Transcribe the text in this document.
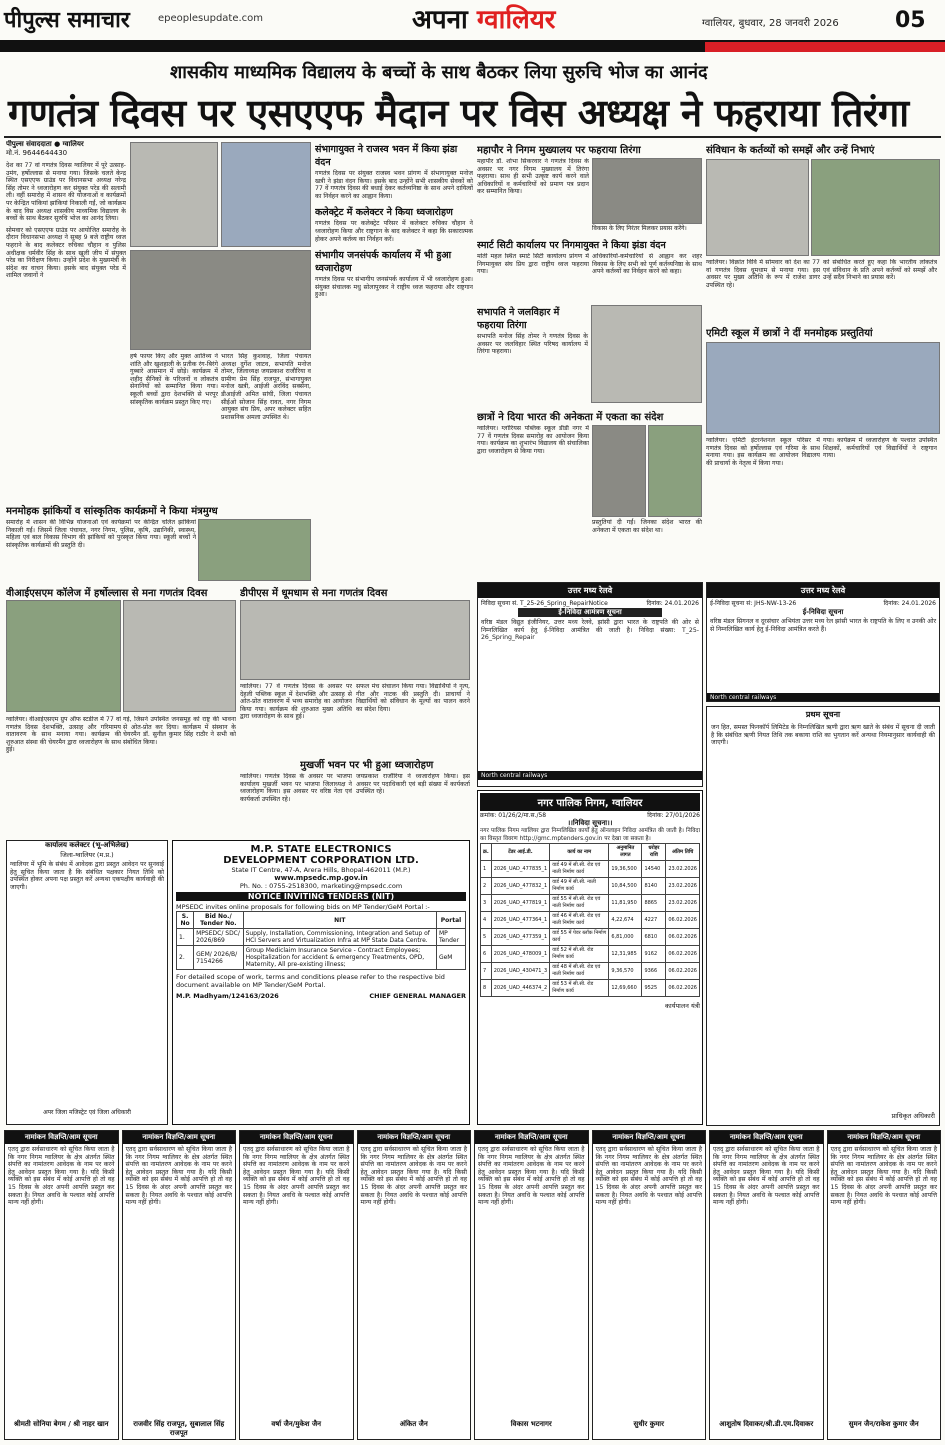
पीपुल्स समाचार	epeoplesupdate.com	अपना ग्वालियर	ग्वालियर, बुधवार, 28 जनवरी 2026	05
शासकीय माध्यमिक विद्यालय के बच्चों के साथ बैठकर लिया सुरुचि भोज का आनंद
गणतंत्र दिवस पर एसएएफ मैदान पर विस अध्यक्ष ने फहराया तिरंगा
पीपुल्स संवाददाता ● ग्वालियर
मो.नं. 9644644430
देश का 77 वां गणतंत्र दिवस ग्वालियर में पूरे उत्साह-उमंग, हर्षोल्लास से मनाया गया। जिसके चलते केन्द्र स्थित एसएएफ ग्राउंड पर विधानसभा अध्यक्ष नरेन्द्र सिंह तोमर ने ध्वजारोहण कर संयुक्त परेड की सलामी ली। वहीं समारोह में शासन की योजनाओं व कार्यक्रमों पर केन्द्रित पांकियां झांकियां निकाली गईं, जो कार्यक्रम के बाद विस अध्यक्ष शासकीय माध्यमिक विद्यालय के बच्चों के साथ बैठकर सुरुचि भोज का आनंद लिया।
सोमवार को एसएएफ ग्राउंड पर आयोजित समारोह के दौरान विधानसभा अध्यक्ष ने सुबह 9 बजे राष्ट्रीय ध्वज फहराने के बाद कलेक्टर रुचिका चौहान व पुलिस अधीक्षक धर्मवीर सिंह के साथ खुली जीप में संयुक्त परेड का निरीक्षण किया। उन्होंने प्रदेश के मुख्यमंत्री के संदेश का वाचन किया। इसके बाद संयुक्त परेड में शामिल जवानों ने
हर्ष फायर किए और मुक्त आतिथ्य ने शांति और खुशहाली के प्रतीक रंग-बिरंगे गुब्बारे आसमान में छोड़े। कार्यक्रम में शहीद सैनिकों के परिजनों व लोकतंत्र सेनानियों को सम्मानित किया गया। स्कूली बच्चों द्वारा देशभक्ति से भरपूर सांस्कृतिक कार्यक्रम प्रस्तुत किए गए।
भारत सिंह कुशवाह, जिला पंचायत अध्यक्ष दुर्गेश जाटव, सभापति मनोज तोमर, जिलाध्यक्ष जयप्रकाश राजौरिया व ग्रामीण प्रेम सिंह राजपूत, संभागायुक्त मनोज खत्री, आईजी अरविंद सक्सेना, डीआईजी अमित सांघी, जिला पंचायत सीईओ सोजान सिंह रावत, नगर निगम आयुक्त संघ प्रिय, अपर कलेक्टर सहित प्रशासनिक अमला उपस्थित थे।
मनमोहक झांकियों व सांस्कृतिक कार्यक्रमों ने किया मंत्रमुग्ध
समारोह में शासन की विभिन्न योजनाओं एवं कार्यक्रमों पर केन्द्रित चलित झांकियां निकाली गईं। जिसमें जिला पंचायत, नगर निगम, पुलिस, कृषि, उद्यानिकी, स्वास्थ्य, महिला एवं बाल विकास विभाग की झांकियों को पुरस्कृत किया गया। स्कूली बच्चों ने सांस्कृतिक कार्यक्रमों की प्रस्तुति दी।
वीआईएसएम कॉलेज में हर्षोल्लास से मना गणतंत्र दिवस
ग्वालियर। वीआईएसएम ग्रुप ऑफ स्टडीज में 77 वां गणतंत्र दिवस देशभक्ति, उत्साह और गरिमामय वातावरण के साथ मनाया गया। कार्यक्रम की शुरुआत संस्था की चेयरमैन द्वारा ध्वजारोहण के साथ हुई।
गई, जिसने उपस्थित जनसमूह को राष्ट्र की भावना से ओत-प्रोत कर दिया। कार्यक्रम में संस्थान के चेयरमैन डॉ. सुनील कुमार सिंह राठौर ने सभी को संबोधित किया।
डीपीएस में धूमधाम से मना गणतंत्र दिवस
ग्वालियर। 77 वें गणतंत्र दिवस के अवसर पर देहली पब्लिक स्कूल में देशभक्ति और उत्साह से ओत-प्रोत वातावरण में भव्य समारोह का आयोजन किया गया। कार्यक्रम की शुरुआत मुख्य अतिथि द्वारा ध्वजारोहण के साथ हुई।
सफल मंच संचालन किया गया। विद्यार्थियों ने नृत्य, गीत और नाटक की प्रस्तुति दी। प्राचार्या ने विद्यार्थियों को संविधान के मूल्यों का पालन करने का संदेश दिया।
मुखर्जी भवन पर भी हुआ ध्वजारोहण
ग्वालियर। गणतंत्र दिवस के अवसर पर भाजपा कार्यालय मुखर्जी भवन पर भाजपा जिलाध्यक्ष ने ध्वजारोहण किया। इस अवसर पर वरिष्ठ नेता एवं कार्यकर्ता उपस्थित रहे।
जयप्रकाश राजौरिया ने ध्वजारोहण किया। इस अवसर पर पदाधिकारी एवं बड़ी संख्या में कार्यकर्ता उपस्थित रहे।
संभागायुक्त ने राजस्व भवन में किया झंडा वंदन
गणतंत्र दिवस पर संयुक्त राजस्व भवन प्रांगण में संभागायुक्त मनोज खत्री ने झंडा वंदन किया। इसके बाद उन्होंने सभी शासकीय सेवकों को 77 वें गणतंत्र दिवस की बधाई देकर कर्तव्यनिष्ठा के साथ अपने दायित्वों का निर्वहन करने का आह्वान किया।
कलेक्ट्रेट में कलेक्टर ने किया ध्वजारोहण
गणतंत्र दिवस पर कलेक्ट्रेट परिसर में कलेक्टर रुचिका चौहान ने ध्वजारोहण किया और राष्ट्रगान के बाद कलेक्टर ने कहा कि सकारात्मक होकर अपने कर्तव्य का निर्वहन करें।
संभागीय जनसंपर्क कार्यालय में भी हुआ ध्वजारोहण
गणतंत्र दिवस पर संभागीय जनसंपर्क कार्यालय में भी ध्वजारोहण हुआ। संयुक्त संचालक मधु सोलापुरकर ने राष्ट्रीय ध्वज फहराया और राष्ट्रगान हुआ।
महापौर ने निगम मुख्यालय पर फहराया तिरंगा
महापौर डॉ. शोभा सिकरवार ने गणतंत्र दिवस के अवसर पर नगर निगम मुख्यालय में तिरंगा फहराया। साथ ही सभी उत्कृष्ट कार्य करने वाले अधिकारियों व कर्मचारियों को प्रमाण पत्र प्रदान कर सम्मानित किया।
विकास के लिए निरंतर मिलकर प्रयास करेंगे।
स्मार्ट सिटी कार्यालय पर निगमायुक्त ने किया झंडा वंदन
मोती महल स्थित स्मार्ट सिटी कार्यालय प्रांगण में निगमायुक्त संघ प्रिय द्वारा राष्ट्रीय ध्वज फहराया गया।
अधिकारियों-कर्मचारियों से आह्वान कर शहर विकास के लिए सभी को पूर्ण कर्तव्यनिष्ठा के साथ अपने कर्तव्यों का निर्वहन करने को कहा।
सभापति ने जलविहार में फहराया तिरंगा
सभापति मनोज सिंह तोमर ने गणतंत्र दिवस के अवसर पर जलविहार स्थित परिषद कार्यालय में तिरंगा फहराया।
छात्रों ने दिया भारत की अनेकता में एकता का संदेश
ग्वालियर। ग्लोरियस पब्लिक स्कूल डीडी नगर में 77 वें गणतंत्र दिवस समारोह का आयोजन किया गया। कार्यक्रम का शुभारंभ विद्यालय की संचालिका द्वारा ध्वजारोहण से किया गया।
प्रस्तुतियां दी गईं। जिनका संदेश भारत की अनेकता में एकता का संदेश था।
संविधान के कर्तव्यों को समझें और उन्हें निभाएं
ग्वालियर। विक्रांत विवि में सोमवार को देश का 77 वां गणतंत्र दिवस धूमधाम से मनाया गया। इस अवसर पर मुख्य अतिथि के रूप में राजेश डागर उपस्थित रहे।
को संबोधित करते हुए कहा कि भारतीय लोकतंत्र एवं संविधान के प्रति अपने कर्तव्यों को समझें और उन्हें सदैव निभाने का प्रयास करें।
एमिटी स्कूल में छात्रों ने दीं मनमोहक प्रस्तुतियां
ग्वालियर। एमिटी इंटरनेशनल स्कूल परिसर में गणतंत्र दिवस को हर्षोल्लास एवं गरिमा के साथ मनाया गया। इस कार्यक्रम का आयोजन विद्यालय की प्राचार्या के नेतृत्व में किया गया।
गया। कार्यक्रम में ध्वजारोहण के पश्चात उपस्थित शिक्षकों, कर्मचारियों एवं विद्यार्थियों ने राष्ट्रगान गाया।
उत्तर मध्य रेलवे
ई-निविदा सूचना सं: JHS-NW-13-26	दिनांक: 24.01.2026
ई-निविदा सूचना
वरिष्ठ मंडल सिगनल व दूरसंचार अभियंता उत्तर मध्य रेल झांसी भारत के राष्ट्रपति के लिए व उनकी ओर से निम्नलिखित कार्य हेतु ई-निविदा आमंत्रित करते हैं।
North central railways
प्रथम सूचना
जन हित, समस्त फिनकॉर्प लिमिटेड के निम्नलिखित ऋणी द्वारा ऋण खाते के संबंध में सूचना दी जाती है कि संबंधित ऋणी नियत तिथि तक बकाया राशि का भुगतान करें अन्यथा नियमानुसार कार्यवाही की जाएगी।
प्राधिकृत अधिकारी
उत्तर मध्य रेलवे
निविदा सूचना सं. T_25-26_Spring_RepairNotice	दिनांक: 24.01.2026
ई-निविदा आमंत्रण सूचना
वरिष्ठ मंडल विद्युत इंजीनियर, उत्तर मध्य रेलवे, झांसी द्वारा भारत के राष्ट्रपति की ओर से निम्नलिखित कार्य हेतु ई-निविदा आमंत्रित की जाती है। निविदा संख्या: T_25-26_Spring_Repair
North central railways
कार्यालय कलेक्टर (भू-अभिलेख)
जिला-ग्वालियर (म.प्र.)
ग्वालियर में भूमि के संबंध में आवेदक द्वारा प्रस्तुत आवेदन पर सुनवाई हेतु सूचित किया जाता है कि संबंधित पक्षकार नियत तिथि को उपस्थित होकर अपना पक्ष प्रस्तुत करें अन्यथा एकपक्षीय कार्यवाही की जाएगी।
अपर जिला मजिस्ट्रेट एवं जिला अधिकारी
M.P. STATE ELECTRONICS
DEVELOPMENT CORPORATION LTD.
State IT Centre, 47-A, Arera Hills, Bhopal-462011 (M.P.)
www.mpsedc.mp.gov.in
Ph. No. : 0755-2518300, marketing@mpsedc.com
NOTICE INVITING TENDERS (NIT)
MPSEDC invites online proposals for following bids on MP Tender/GeM Portal :-
S. No	Bid No./ Tender No.	NIT	Portal
1.	MPSEDC/ SDC/ 2026/869	Supply, Installation, Commissioning, Integration and Setup of HCI Servers and Virtualization Infra at MP State Data Centre.	MP Tender
2.	GEM/ 2026/B/ 7154266	Group Mediclaim Insurance Service - Contract Employees; Hospitalization for accident & emergency Treatments, OPD, Maternity, All pre-existing illness;	GeM
For detailed scope of work, terms and conditions please refer to the respective bid document available on MP Tender/GeM Portal.
M.P. Madhyam/124163/2026	CHIEF GENERAL MANAGER
नगर पालिक निगम, ग्वालियर
क्रमांक: 01/26/2/मा.स./58	दिनांक: 27/01/2026
।।निविदा सूचना।।
नगर पालिक निगम ग्वालियर द्वारा निम्नलिखित कार्यों हेतु ऑनलाइन निविदा आमंत्रित की जाती है। निविदा का विस्तृत विवरण http://gmc.mptenders.gov.in पर देखा जा सकता है।
क्र.	टेंडर आई.डी.	कार्य का नाम	अनुमानित लागत	धरोहर राशि	अंतिम तिथि
1	2026_UAD_477835_1	वार्ड 49 में सी.सी. रोड एवं नाली निर्माण कार्य	19,36,500	14540	23.02.2026
2	2026_UAD_477832_1	वार्ड 49 में सी.सी. नाली निर्माण कार्य	10,84,500	8140	23.02.2026
3	2026_UAD_477819_1	वार्ड 55 में सी.सी. रोड एवं नाली निर्माण कार्य	11,81,950	8865	23.02.2026
4	2026_UAD_477364_1	वार्ड 46 में सी.सी. रोड एवं नाली निर्माण कार्य	4,22,674	4227	06.02.2026
5	2026_UAD_477359_1	वार्ड 55 में पेवर ब्लॉक निर्माण कार्य	6,81,000	6810	06.02.2026
6	2026_UAD_478009_1	वार्ड 52 में सी.सी. रोड निर्माण कार्य	12,31,985	9162	06.02.2026
7	2026_UAD_430471_3	वार्ड 48 में सी.सी. रोड एवं नाली निर्माण कार्य	9,36,570	9366	06.02.2026
8	2026_UAD_446374_2	वार्ड 53 में सी.सी. रोड निर्माण कार्य	12,69,660	9525	06.02.2026
कार्यपालन यंत्री
नामांकन विज्ञप्ति/आम सूचना
एतद् द्वारा सर्वसाधारण को सूचित किया जाता है कि नगर निगम ग्वालियर के क्षेत्र अंतर्गत स्थित संपत्ति का नामांतरण आवेदक के नाम पर करने हेतु आवेदन प्रस्तुत किया गया है। यदि किसी व्यक्ति को इस संबंध में कोई आपत्ति हो तो वह 15 दिवस के अंदर अपनी आपत्ति प्रस्तुत कर सकता है। नियत अवधि के पश्चात कोई आपत्ति मान्य नहीं होगी।
श्रीमती सोनिया बेगम / श्री नाहर खान
नामांकन विज्ञप्ति/आम सूचना
एतद् द्वारा सर्वसाधारण को सूचित किया जाता है कि नगर निगम ग्वालियर के क्षेत्र अंतर्गत स्थित संपत्ति का नामांतरण आवेदक के नाम पर करने हेतु आवेदन प्रस्तुत किया गया है। यदि किसी व्यक्ति को इस संबंध में कोई आपत्ति हो तो वह 15 दिवस के अंदर अपनी आपत्ति प्रस्तुत कर सकता है। नियत अवधि के पश्चात कोई आपत्ति मान्य नहीं होगी।
राजवीर सिंह राजपूत, सुबालाल सिंह राजपूत
नामांकन विज्ञप्ति/आम सूचना
एतद् द्वारा सर्वसाधारण को सूचित किया जाता है कि नगर निगम ग्वालियर के क्षेत्र अंतर्गत स्थित संपत्ति का नामांतरण आवेदक के नाम पर करने हेतु आवेदन प्रस्तुत किया गया है। यदि किसी व्यक्ति को इस संबंध में कोई आपत्ति हो तो वह 15 दिवस के अंदर अपनी आपत्ति प्रस्तुत कर सकता है। नियत अवधि के पश्चात कोई आपत्ति मान्य नहीं होगी।
वर्षा जैन/मुकेश जैन
नामांकन विज्ञप्ति/आम सूचना
एतद् द्वारा सर्वसाधारण को सूचित किया जाता है कि नगर निगम ग्वालियर के क्षेत्र अंतर्गत स्थित संपत्ति का नामांतरण आवेदक के नाम पर करने हेतु आवेदन प्रस्तुत किया गया है। यदि किसी व्यक्ति को इस संबंध में कोई आपत्ति हो तो वह 15 दिवस के अंदर अपनी आपत्ति प्रस्तुत कर सकता है। नियत अवधि के पश्चात कोई आपत्ति मान्य नहीं होगी।
अंकित जैन
नामांकन विज्ञप्ति/आम सूचना
एतद् द्वारा सर्वसाधारण को सूचित किया जाता है कि नगर निगम ग्वालियर के क्षेत्र अंतर्गत स्थित संपत्ति का नामांतरण आवेदक के नाम पर करने हेतु आवेदन प्रस्तुत किया गया है। यदि किसी व्यक्ति को इस संबंध में कोई आपत्ति हो तो वह 15 दिवस के अंदर अपनी आपत्ति प्रस्तुत कर सकता है। नियत अवधि के पश्चात कोई आपत्ति मान्य नहीं होगी।
विकास भटनागर
नामांकन विज्ञप्ति/आम सूचना
एतद् द्वारा सर्वसाधारण को सूचित किया जाता है कि नगर निगम ग्वालियर के क्षेत्र अंतर्गत स्थित संपत्ति का नामांतरण आवेदक के नाम पर करने हेतु आवेदन प्रस्तुत किया गया है। यदि किसी व्यक्ति को इस संबंध में कोई आपत्ति हो तो वह 15 दिवस के अंदर अपनी आपत्ति प्रस्तुत कर सकता है। नियत अवधि के पश्चात कोई आपत्ति मान्य नहीं होगी।
सुधीर कुमार
नामांकन विज्ञप्ति/आम सूचना
एतद् द्वारा सर्वसाधारण को सूचित किया जाता है कि नगर निगम ग्वालियर के क्षेत्र अंतर्गत स्थित संपत्ति का नामांतरण आवेदक के नाम पर करने हेतु आवेदन प्रस्तुत किया गया है। यदि किसी व्यक्ति को इस संबंध में कोई आपत्ति हो तो वह 15 दिवस के अंदर अपनी आपत्ति प्रस्तुत कर सकता है। नियत अवधि के पश्चात कोई आपत्ति मान्य नहीं होगी।
आशुतोष दिवाकर/श्री.डी.एम.दिवाकर
नामांकन विज्ञप्ति/आम सूचना
एतद् द्वारा सर्वसाधारण को सूचित किया जाता है कि नगर निगम ग्वालियर के क्षेत्र अंतर्गत स्थित संपत्ति का नामांतरण आवेदक के नाम पर करने हेतु आवेदन प्रस्तुत किया गया है। यदि किसी व्यक्ति को इस संबंध में कोई आपत्ति हो तो वह 15 दिवस के अंदर अपनी आपत्ति प्रस्तुत कर सकता है। नियत अवधि के पश्चात कोई आपत्ति मान्य नहीं होगी।
सुमन जैन/राकेश कुमार जैन
